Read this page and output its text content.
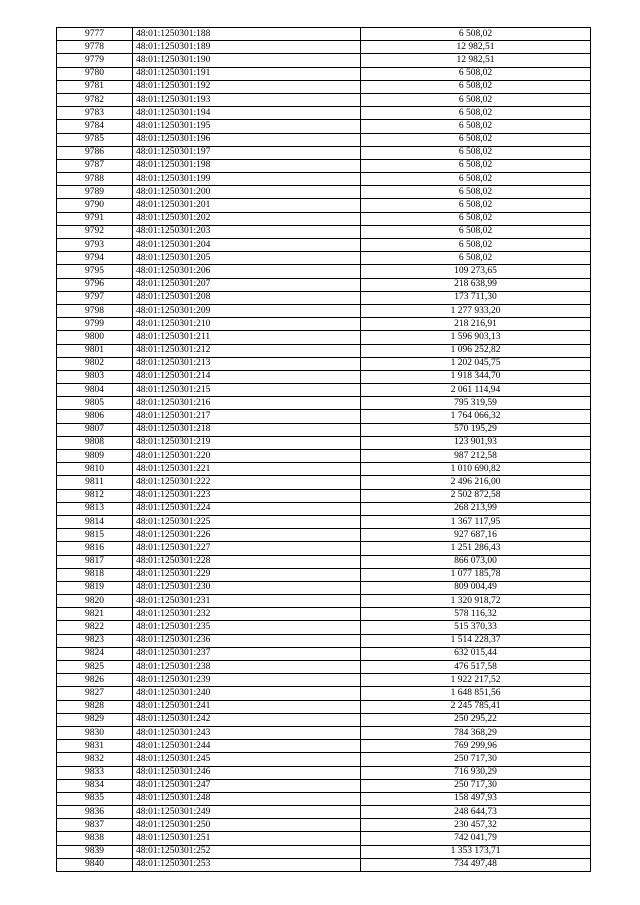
9777	48:01:1250301:188	6 508,02
9778	48:01:1250301:189	12 982,51
9779	48:01:1250301:190	12 982,51
9780	48:01:1250301:191	6 508,02
9781	48:01:1250301:192	6 508,02
9782	48:01:1250301:193	6 508,02
9783	48:01:1250301:194	6 508,02
9784	48:01:1250301:195	6 508,02
9785	48:01:1250301:196	6 508,02
9786	48:01:1250301:197	6 508,02
9787	48:01:1250301:198	6 508,02
9788	48:01:1250301:199	6 508,02
9789	48:01:1250301:200	6 508,02
9790	48:01:1250301:201	6 508,02
9791	48:01:1250301:202	6 508,02
9792	48:01:1250301:203	6 508,02
9793	48:01:1250301:204	6 508,02
9794	48:01:1250301:205	6 508,02
9795	48:01:1250301:206	109 273,65
9796	48:01:1250301:207	218 638,99
9797	48:01:1250301:208	173 711,30
9798	48:01:1250301:209	1 277 933,20
9799	48:01:1250301:210	218 216,91
9800	48:01:1250301:211	1 596 903,13
9801	48:01:1250301:212	1 096 252,82
9802	48:01:1250301:213	1 202 045,75
9803	48:01:1250301:214	1 918 344,70
9804	48:01:1250301:215	2 061 114,94
9805	48:01:1250301:216	795 319,59
9806	48:01:1250301:217	1 764 066,32
9807	48:01:1250301:218	570 195,29
9808	48:01:1250301:219	123 901,93
9809	48:01:1250301:220	987 212,58
9810	48:01:1250301:221	1 010 690,82
9811	48:01:1250301:222	2 496 216,00
9812	48:01:1250301:223	2 502 872,58
9813	48:01:1250301:224	268 213,99
9814	48:01:1250301:225	1 367 117,95
9815	48:01:1250301:226	927 687,16
9816	48:01:1250301:227	1 251 286,43
9817	48:01:1250301:228	866 073,00
9818	48:01:1250301:229	1 077 185,78
9819	48:01:1250301:230	809 004,49
9820	48:01:1250301:231	1 320 918,72
9821	48:01:1250301:232	578 116,32
9822	48:01:1250301:235	515 370,33
9823	48:01:1250301:236	1 514 228,37
9824	48:01:1250301:237	632 015,44
9825	48:01:1250301:238	476 517,58
9826	48:01:1250301:239	1 922 217,52
9827	48:01:1250301:240	1 648 851,56
9828	48:01:1250301:241	2 245 785,41
9829	48:01:1250301:242	250 295,22
9830	48:01:1250301:243	784 368,29
9831	48:01:1250301:244	769 299,96
9832	48:01:1250301:245	250 717,30
9833	48:01:1250301:246	716 930,29
9834	48:01:1250301:247	250 717,30
9835	48:01:1250301:248	158 497,93
9836	48:01:1250301:249	248 644,73
9837	48:01:1250301:250	230 457,32
9838	48:01:1250301:251	742 041,79
9839	48:01:1250301:252	1 353 173,71
9840	48:01:1250301:253	734 497,48
